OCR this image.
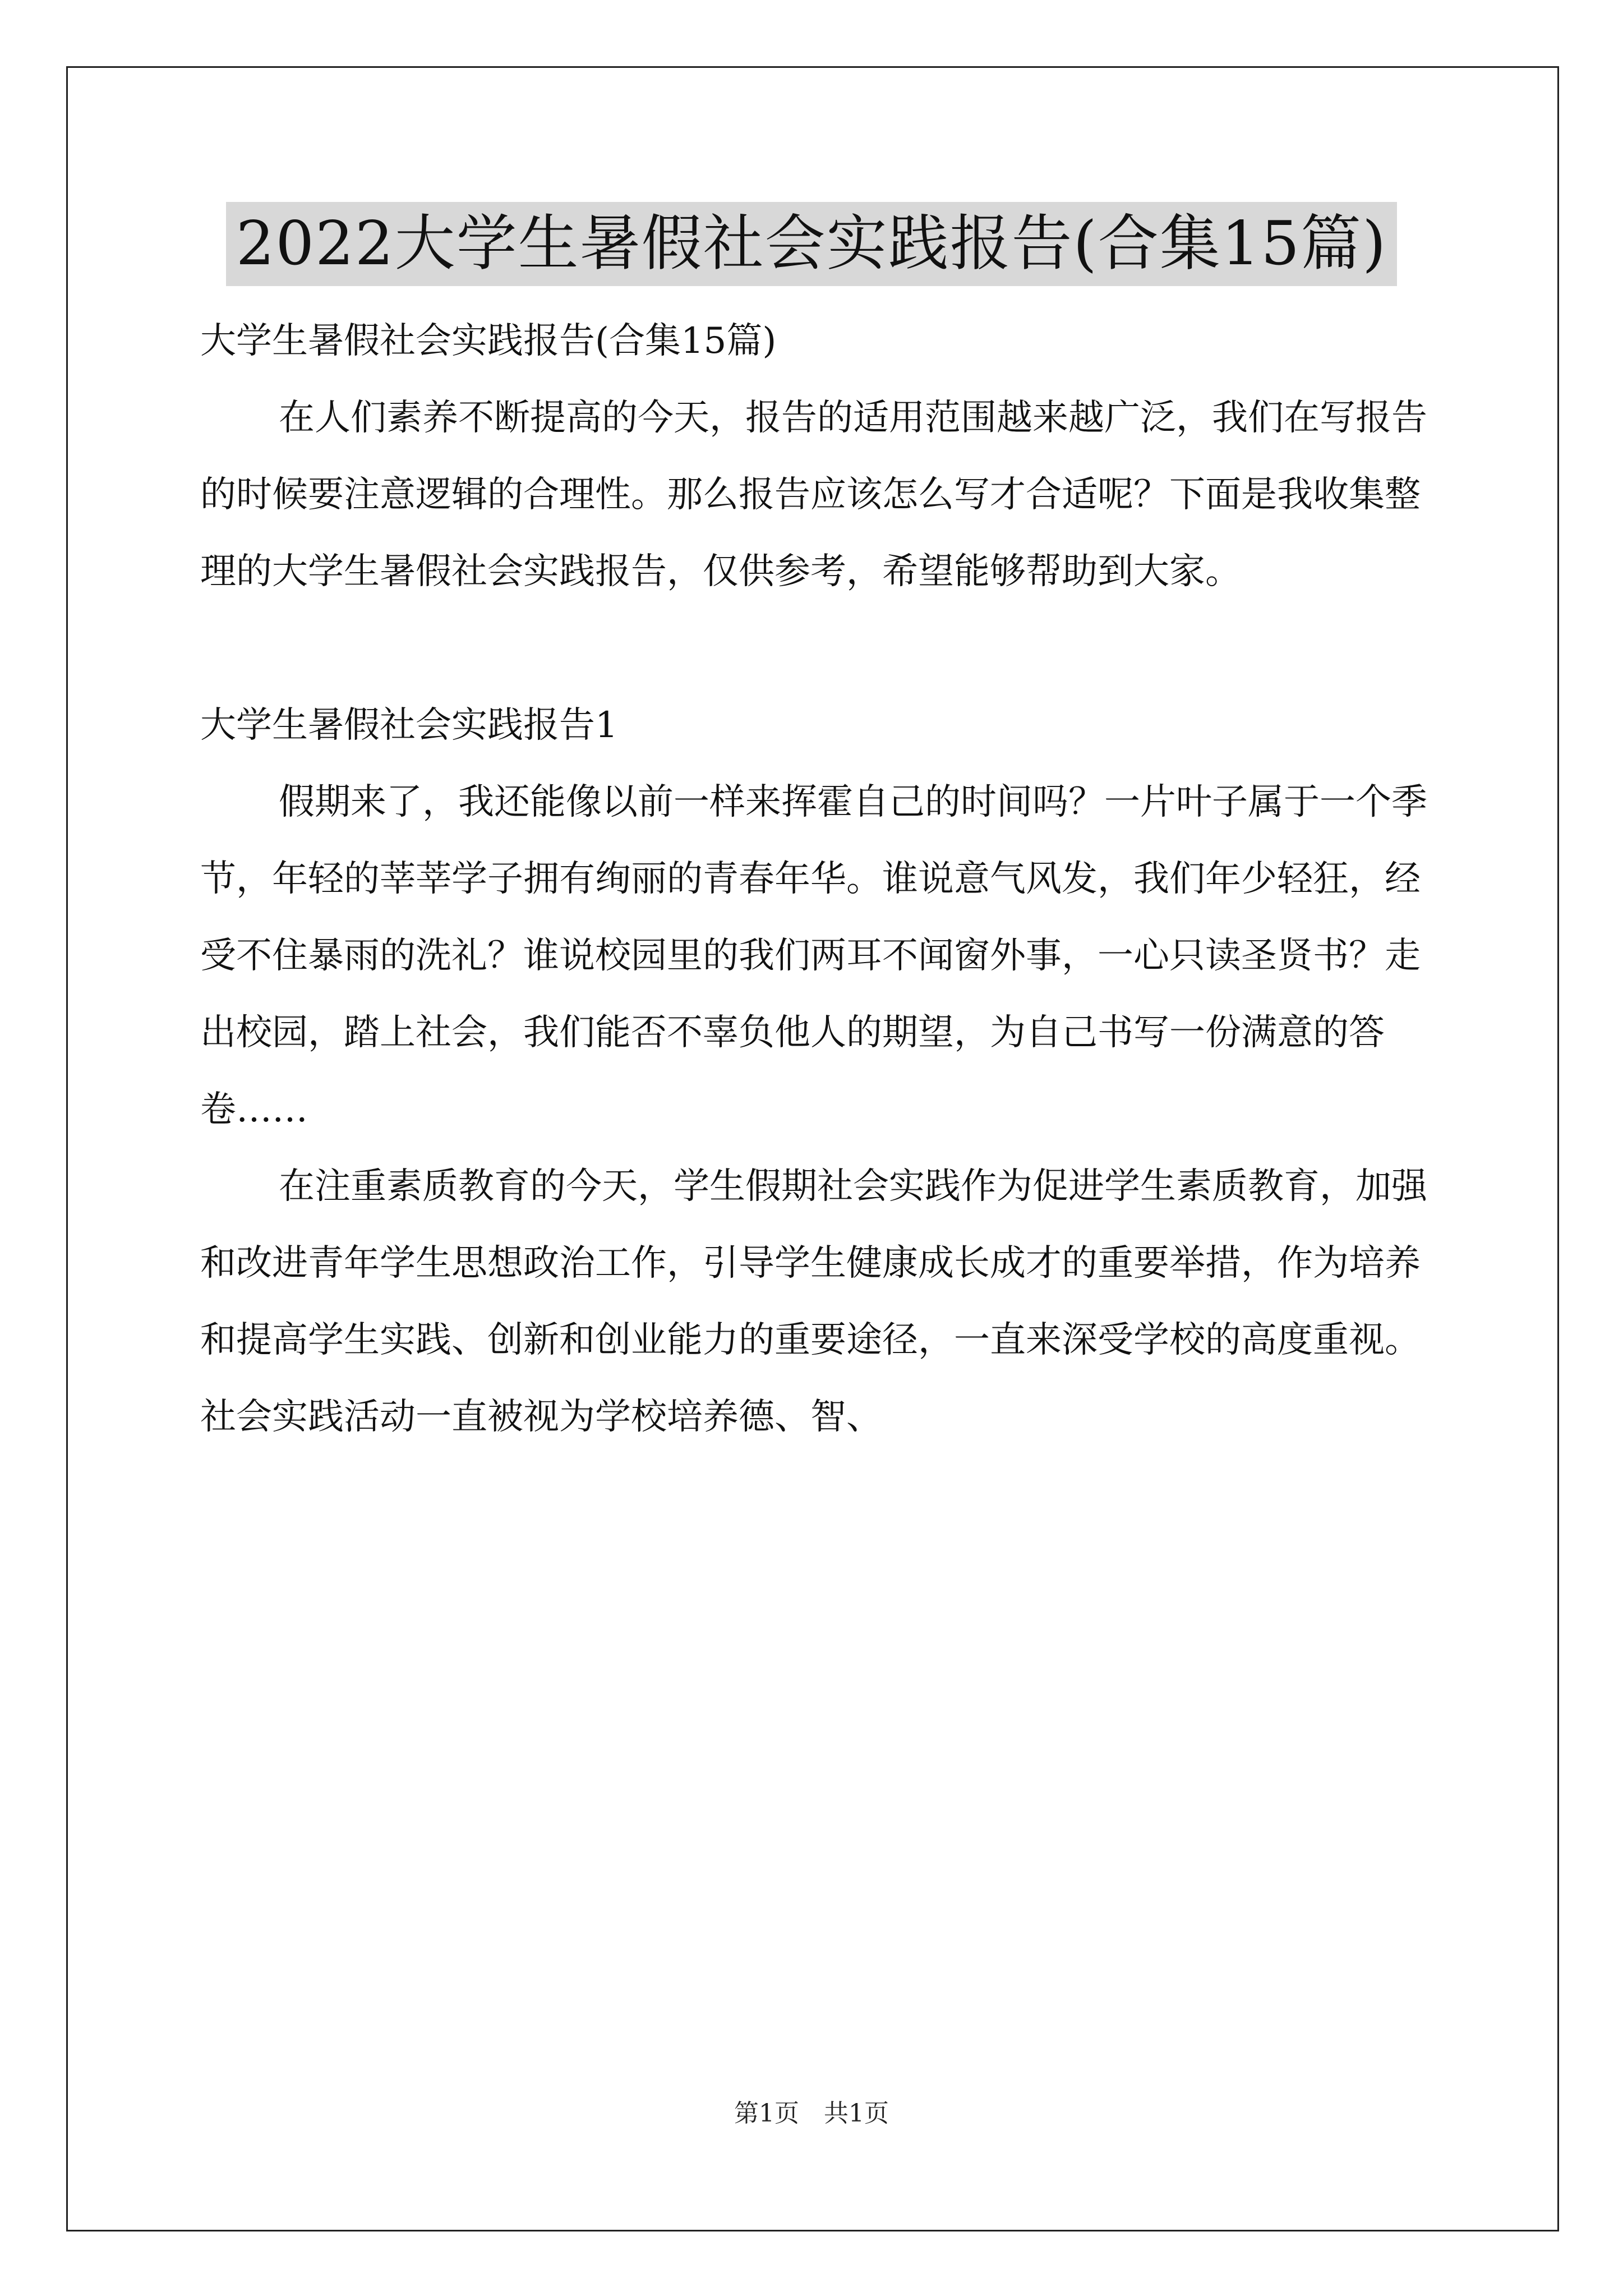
2022大学生暑假社会实践报告(合集15篇)

大学生暑假社会实践报告(合集15篇)

在人们素养不断提高的今天，报告的适用范围越来越广泛，我们在写报告的时候要注意逻辑的合理性。那么报告应该怎么写才合适呢？下面是我收集整理的大学生暑假社会实践报告，仅供参考，希望能够帮助到大家。

大学生暑假社会实践报告1

假期来了，我还能像以前一样来挥霍自己的时间吗？一片叶子属于一个季节，年轻的莘莘学子拥有绚丽的青春年华。谁说意气风发，我们年少轻狂，经受不住暴雨的洗礼？谁说校园里的我们两耳不闻窗外事，一心只读圣贤书？走出校园，踏上社会，我们能否不辜负他人的期望，为自己书写一份满意的答卷……

在注重素质教育的今天，学生假期社会实践作为促进学生素质教育，加强和改进青年学生思想政治工作，引导学生健康成长成才的重要举措，作为培养和提高学生实践、创新和创业能力的重要途径，一直来深受学校的高度重视。社会实践活动一直被视为学校培养德、智、

第1页　共1页
